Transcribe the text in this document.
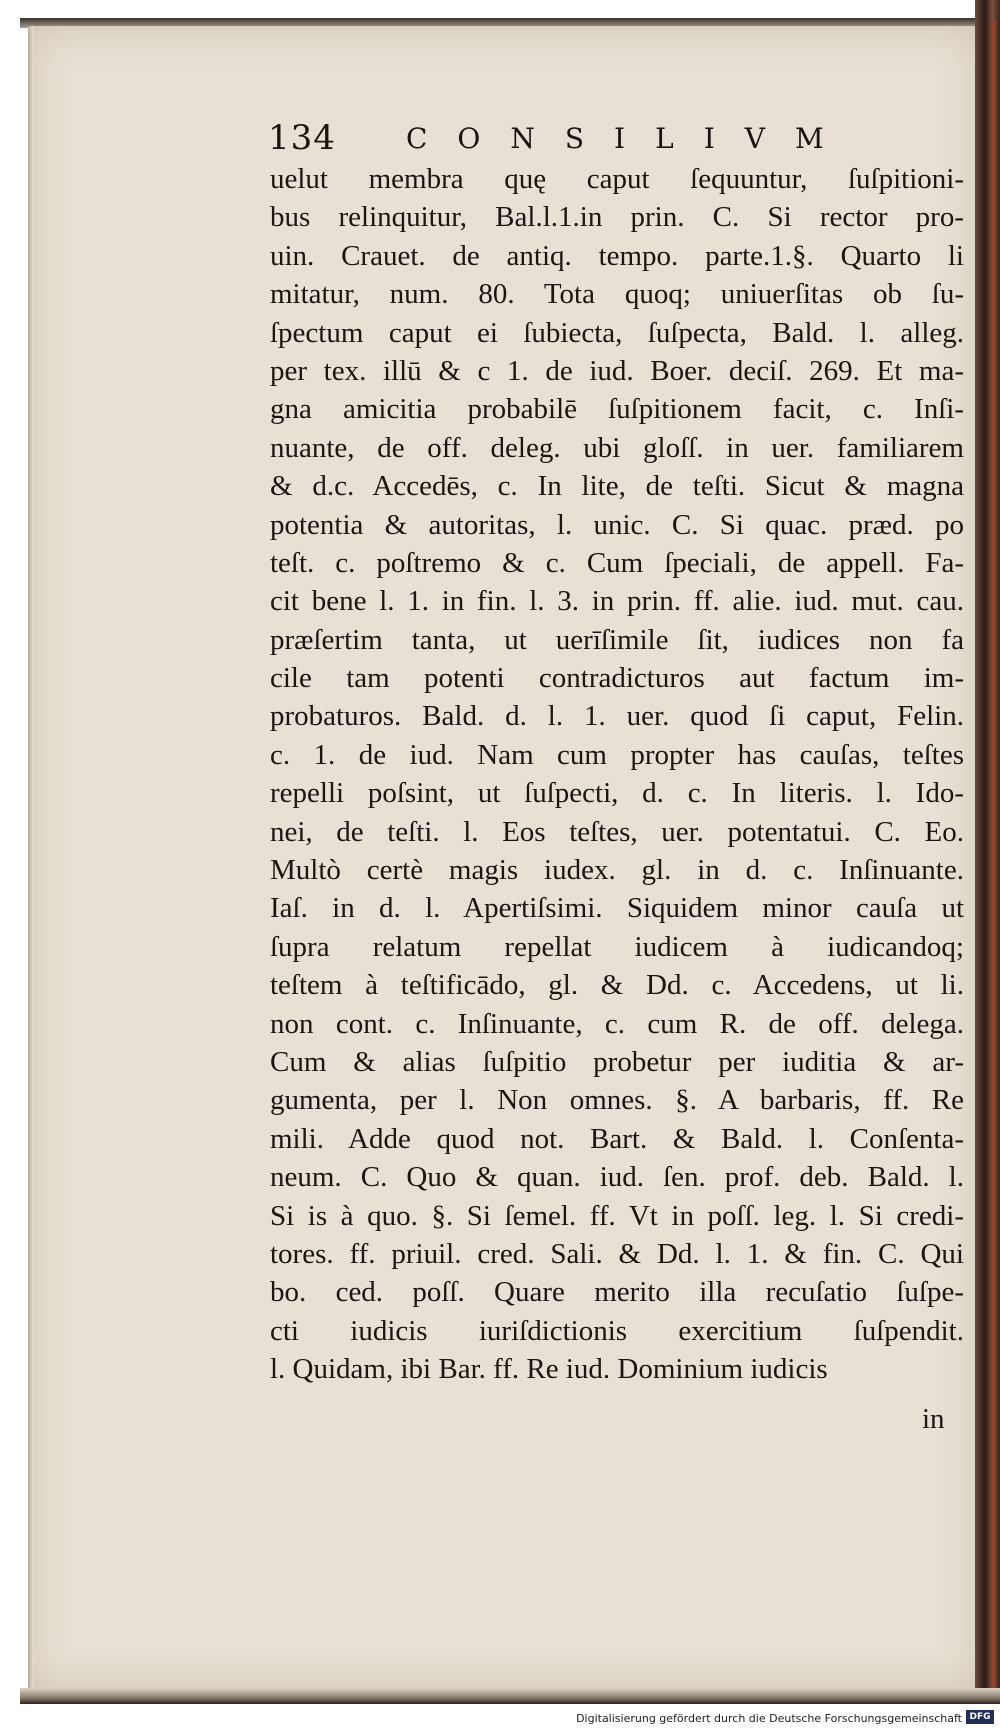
134	CONSILIVM
uelut membra quę caput ſequuntur, ſuſpitioni-
bus relinquitur, Bal.l.1.in prin. C. Si rector pro-
uin. Crauet. de antiq. tempo. parte.1.§. Quarto li
mitatur, num. 80. Tota quoq; uniuerſitas ob ſu-
ſpectum caput ei ſubiecta, ſuſpecta, Bald. l. alleg.
per tex. illū & c 1. de iud. Boer. deciſ. 269. Et ma-
gna amicitia probabilē ſuſpitionem facit, c. Inſi-
nuante, de off. deleg. ubi gloſſ. in uer. familiarem
& d.c. Accedēs, c. In lite, de teſti. Sicut & magna
potentia & autoritas, l. unic. C. Si quac. præd. po
teſt. c. poſtremo & c. Cum ſpeciali, de appell. Fa-
cit bene l. 1. in fin. l. 3. in prin. ff. alie. iud. mut. cau.
præſertim tanta, ut uerīſimile ſit, iudices non fa
cile tam potenti contradicturos aut factum im-
probaturos. Bald. d. l. 1. uer. quod ſi caput, Felin.
c. 1. de iud. Nam cum propter has cauſas, teſtes
repelli poſsint, ut ſuſpecti, d. c. In literis. l. Ido-
nei, de teſti. l. Eos teſtes, uer. potentatui. C. Eo.
Multò certè magis iudex. gl. in d. c. Inſinuante.
Iaſ. in d. l. Apertiſsimi. Siquidem minor cauſa ut
ſupra relatum repellat iudicem à iudicandoq;
teſtem à teſtificādo, gl. & Dd. c. Accedens, ut li.
non cont. c. Inſinuante, c. cum R. de off. delega.
Cum & alias ſuſpitio probetur per iuditia & ar-
gumenta, per l. Non omnes. §. A barbaris, ff. Re
mili. Adde quod not. Bart. & Bald. l. Conſenta-
neum. C. Quo & quan. iud. ſen. prof. deb. Bald. l.
Si is à quo. §. Si ſemel. ff. Vt in poſſ. leg. l. Si credi-
tores. ff. priuil. cred. Sali. & Dd. l. 1. & fin. C. Qui
bo. ced. poſſ. Quare merito illa recuſatio ſuſpe-
cti iudicis iuriſdictionis exercitium ſuſpendit.
l. Quidam, ibi Bar. ff. Re iud. Dominium iudicis
in
Digitalisierung gefördert durch die Deutsche Forschungsgemeinschaft DFG
